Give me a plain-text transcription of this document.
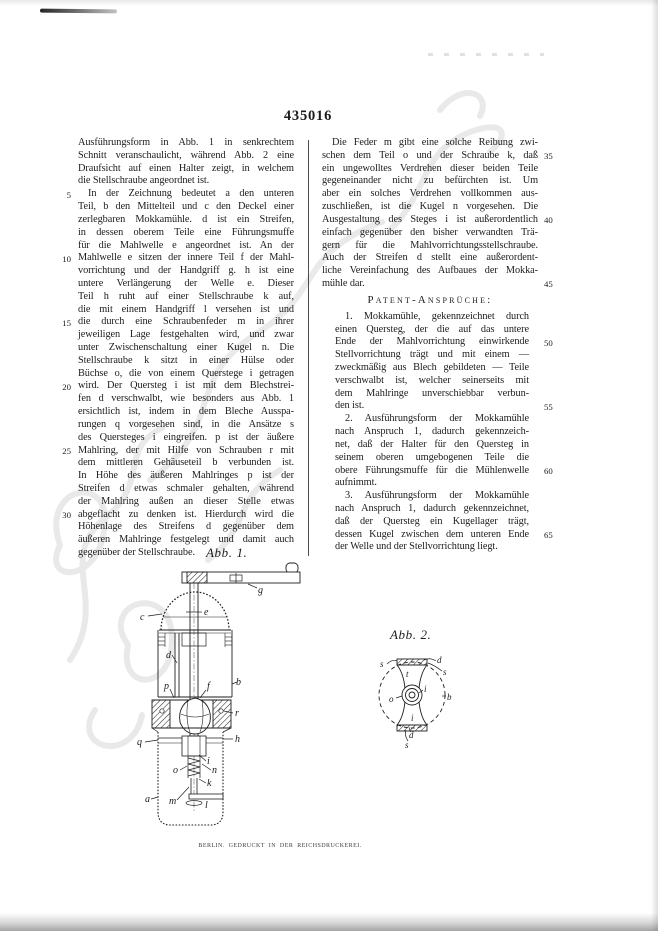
435016
Ausführungsform in Abb. 1 in senkrechtem
Schnitt veranschaulicht, während Abb. 2 eine
Draufsicht auf einen Halter zeigt, in welchem
die Stellschraube angeordnet ist.
5 In der Zeichnung bedeutet a den unteren
Teil, b den Mittelteil und c den Deckel einer
zerlegbaren Mokkamühle. d ist ein Streifen,
in dessen oberem Teile eine Führungsmuffe
für die Mahlwelle e angeordnet ist. An der
10 Mahlwelle e sitzen der innere Teil f der Mahl-
vorrichtung und der Handgriff g. h ist eine
untere Verlängerung der Welle e. Dieser
Teil h ruht auf einer Stellschraube k auf,
die mit einem Handgriff l versehen ist und
15 die durch eine Schraubenfeder m in ihrer
jeweiligen Lage festgehalten wird, und zwar
unter Zwischenschaltung einer Kugel n. Die
Stellschraube k sitzt in einer Hülse oder
Büchse o, die von einem Querstege i getragen
20 wird. Der Quersteg i ist mit dem Blechstrei-
fen d verschwalbt, wie besonders aus Abb. 1
ersichtlich ist, indem in dem Bleche Ausspa-
rungen q vorgesehen sind, in die Ansätze s
des Quersteges i eingreifen. p ist der äußere
25 Mahlring, der mit Hilfe von Schrauben r mit
dem mittleren Gehäuseteil b verbunden ist.
In Höhe des äußeren Mahlringes p ist der
Streifen d etwas schmaler gehalten, während
der Mahlring außen an dieser Stelle etwas
30 abgeflacht zu denken ist. Hierdurch wird die
Höhenlage des Streifens d gegenüber dem
äußeren Mahlringe festgelegt und damit auch
gegenüber der Stellschraube.
Die Feder m gibt eine solche Reibung zwi-
35
schen dem Teil o und der Schraube k, daß
ein ungewolltes Verdrehen dieser beiden Teile
gegeneinander nicht zu befürchten ist. Um
aber ein solches Verdrehen vollkommen aus-
zuschließen, ist die Kugel n vorgesehen. Die
40
Ausgestaltung des Steges i ist außerordentlich
einfach gegenüber den bisher verwandten Trä-
gern für die Mahlvorrichtungsstellschraube.
Auch der Streifen d stellt eine außerordent-
liche Vereinfachung des Aufbaues der Mokka-
45
mühle dar.
Patent-Ansprüche:
1. Mokkamühle, gekennzeichnet durch
einen Quersteg, der die auf das untere
50
Ende der Mahlvorrichtung einwirkende
Stellvorrichtung trägt und mit einem —
zweckmäßig aus Blech gebildeten — Teile
verschwalbt ist, welcher seinerseits mit
dem Mahlringe unverschiebbar verbun-
55
den ist.
2. Ausführungsform der Mokkamühle
nach Anspruch 1, dadurch gekennzeich-
net, daß der Halter für den Quersteg in
seinem oberen umgebogenen Teile die
60
obere Führungsmuffe für die Mühlenwelle
aufnimmt.
3. Ausführungsform der Mokkamühle
nach Anspruch 1, dadurch gekennzeichnet,
daß der Quersteg ein Kugellager trägt,
65
dessen Kugel zwischen dem unteren Ende
der Welle und der Stellvorrichtung liegt.
Abb. 1.
g
c	e
d
p	f	b
r
q	h
i
o	n
k
a m	l
Abb. 2.
s	d
s
t
i
o	b
i
d
s
BERLIN. GEDRUCKT IN DER REICHSDRUCKEREI.
